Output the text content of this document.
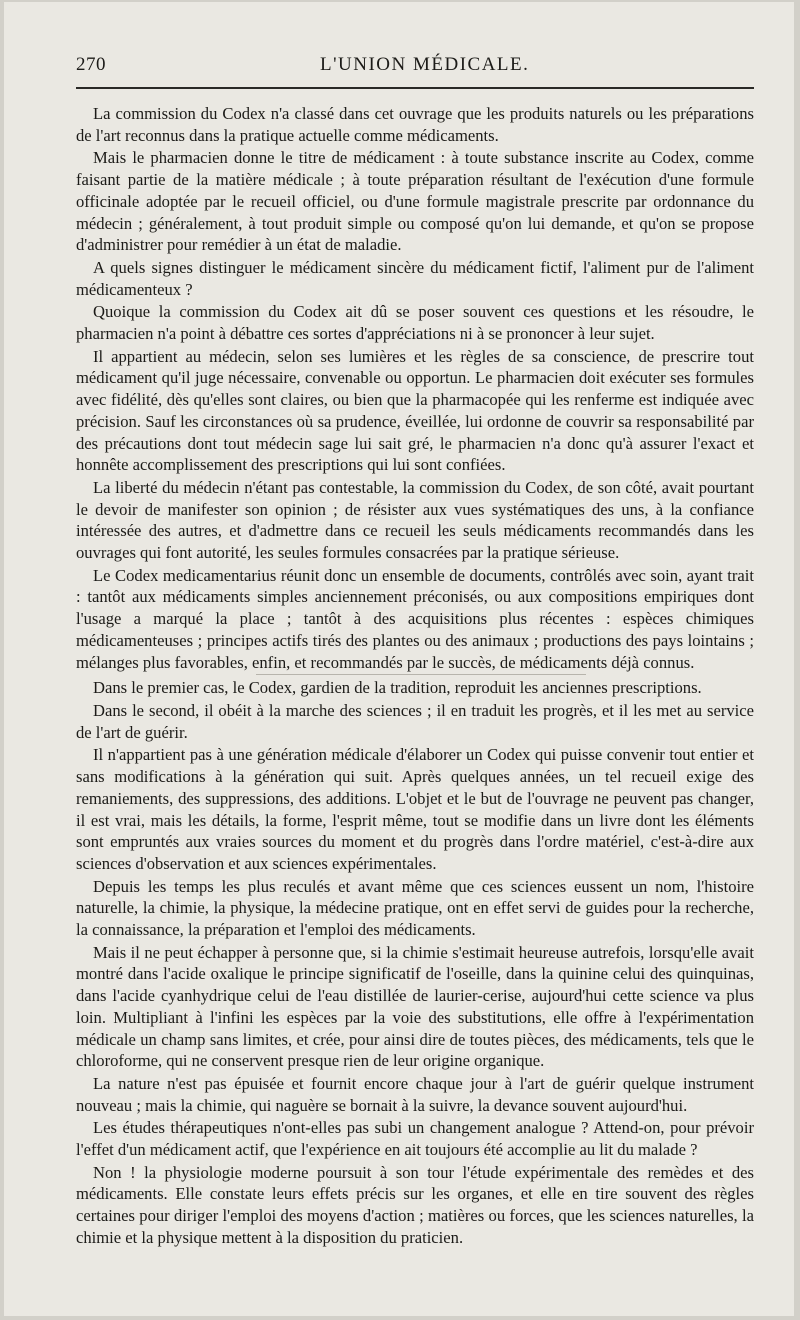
270	L'UNION MÉDICALE.

La commission du Codex n'a classé dans cet ouvrage que les produits naturels ou les préparations de l'art reconnus dans la pratique actuelle comme médicaments.

Mais le pharmacien donne le titre de médicament : à toute substance inscrite au Codex, comme faisant partie de la matière médicale ; à toute préparation résultant de l'exécution d'une formule officinale adoptée par le recueil officiel, ou d'une formule magistrale prescrite par ordonnance du médecin ; généralement, à tout produit simple ou composé qu'on lui demande, et qu'on se propose d'administrer pour remédier à un état de maladie.

A quels signes distinguer le médicament sincère du médicament fictif, l'aliment pur de l'aliment médicamenteux ?

Quoique la commission du Codex ait dû se poser souvent ces questions et les résoudre, le pharmacien n'a point à débattre ces sortes d'appréciations ni à se prononcer à leur sujet.

Il appartient au médecin, selon ses lumières et les règles de sa conscience, de prescrire tout médicament qu'il juge nécessaire, convenable ou opportun. Le pharmacien doit exécuter ses formules avec fidélité, dès qu'elles sont claires, ou bien que la pharmacopée qui les renferme est indiquée avec précision. Sauf les circonstances où sa prudence, éveillée, lui ordonne de couvrir sa responsabilité par des précautions dont tout médecin sage lui sait gré, le pharmacien n'a donc qu'à assurer l'exact et honnête accomplissement des prescriptions qui lui sont confiées.

La liberté du médecin n'étant pas contestable, la commission du Codex, de son côté, avait pourtant le devoir de manifester son opinion ; de résister aux vues systématiques des uns, à la confiance intéressée des autres, et d'admettre dans ce recueil les seuls médicaments recommandés dans les ouvrages qui font autorité, les seules formules consacrées par la pratique sérieuse.

Le Codex medicamentarius réunit donc un ensemble de documents, contrôlés avec soin, ayant trait : tantôt aux médicaments simples anciennement préconisés, ou aux compositions empiriques dont l'usage a marqué la place ; tantôt à des acquisitions plus récentes : espèces chimiques médicamenteuses ; principes actifs tirés des plantes ou des animaux ; productions des pays lointains ; mélanges plus favorables, enfin, et recommandés par le succès, de médicaments déjà connus.

Dans le premier cas, le Codex, gardien de la tradition, reproduit les anciennes prescriptions.

Dans le second, il obéit à la marche des sciences ; il en traduit les progrès, et il les met au service de l'art de guérir.

Il n'appartient pas à une génération médicale d'élaborer un Codex qui puisse convenir tout entier et sans modifications à la génération qui suit. Après quelques années, un tel recueil exige des remaniements, des suppressions, des additions. L'objet et le but de l'ouvrage ne peuvent pas changer, il est vrai, mais les détails, la forme, l'esprit même, tout se modifie dans un livre dont les éléments sont empruntés aux vraies sources du moment et du progrès dans l'ordre matériel, c'est-à-dire aux sciences d'observation et aux sciences expérimentales.

Depuis les temps les plus reculés et avant même que ces sciences eussent un nom, l'histoire naturelle, la chimie, la physique, la médecine pratique, ont en effet servi de guides pour la recherche, la connaissance, la préparation et l'emploi des médicaments.

Mais il ne peut échapper à personne que, si la chimie s'estimait heureuse autrefois, lorsqu'elle avait montré dans l'acide oxalique le principe significatif de l'oseille, dans la quinine celui des quinquinas, dans l'acide cyanhydrique celui de l'eau distillée de laurier-cerise, aujourd'hui cette science va plus loin. Multipliant à l'infini les espèces par la voie des substitutions, elle offre à l'expérimentation médicale un champ sans limites, et crée, pour ainsi dire de toutes pièces, des médicaments, tels que le chloroforme, qui ne conservent presque rien de leur origine organique.

La nature n'est pas épuisée et fournit encore chaque jour à l'art de guérir quelque instrument nouveau ; mais la chimie, qui naguère se bornait à la suivre, la devance souvent aujourd'hui.

Les études thérapeutiques n'ont-elles pas subi un changement analogue ? Attend-on, pour prévoir l'effet d'un médicament actif, que l'expérience en ait toujours été accomplie au lit du malade ?

Non ! la physiologie moderne poursuit à son tour l'étude expérimentale des remèdes et des médicaments. Elle constate leurs effets précis sur les organes, et elle en tire souvent des règles certaines pour diriger l'emploi des moyens d'action ; matières ou forces, que les sciences naturelles, la chimie et la physique mettent à la disposition du praticien.
